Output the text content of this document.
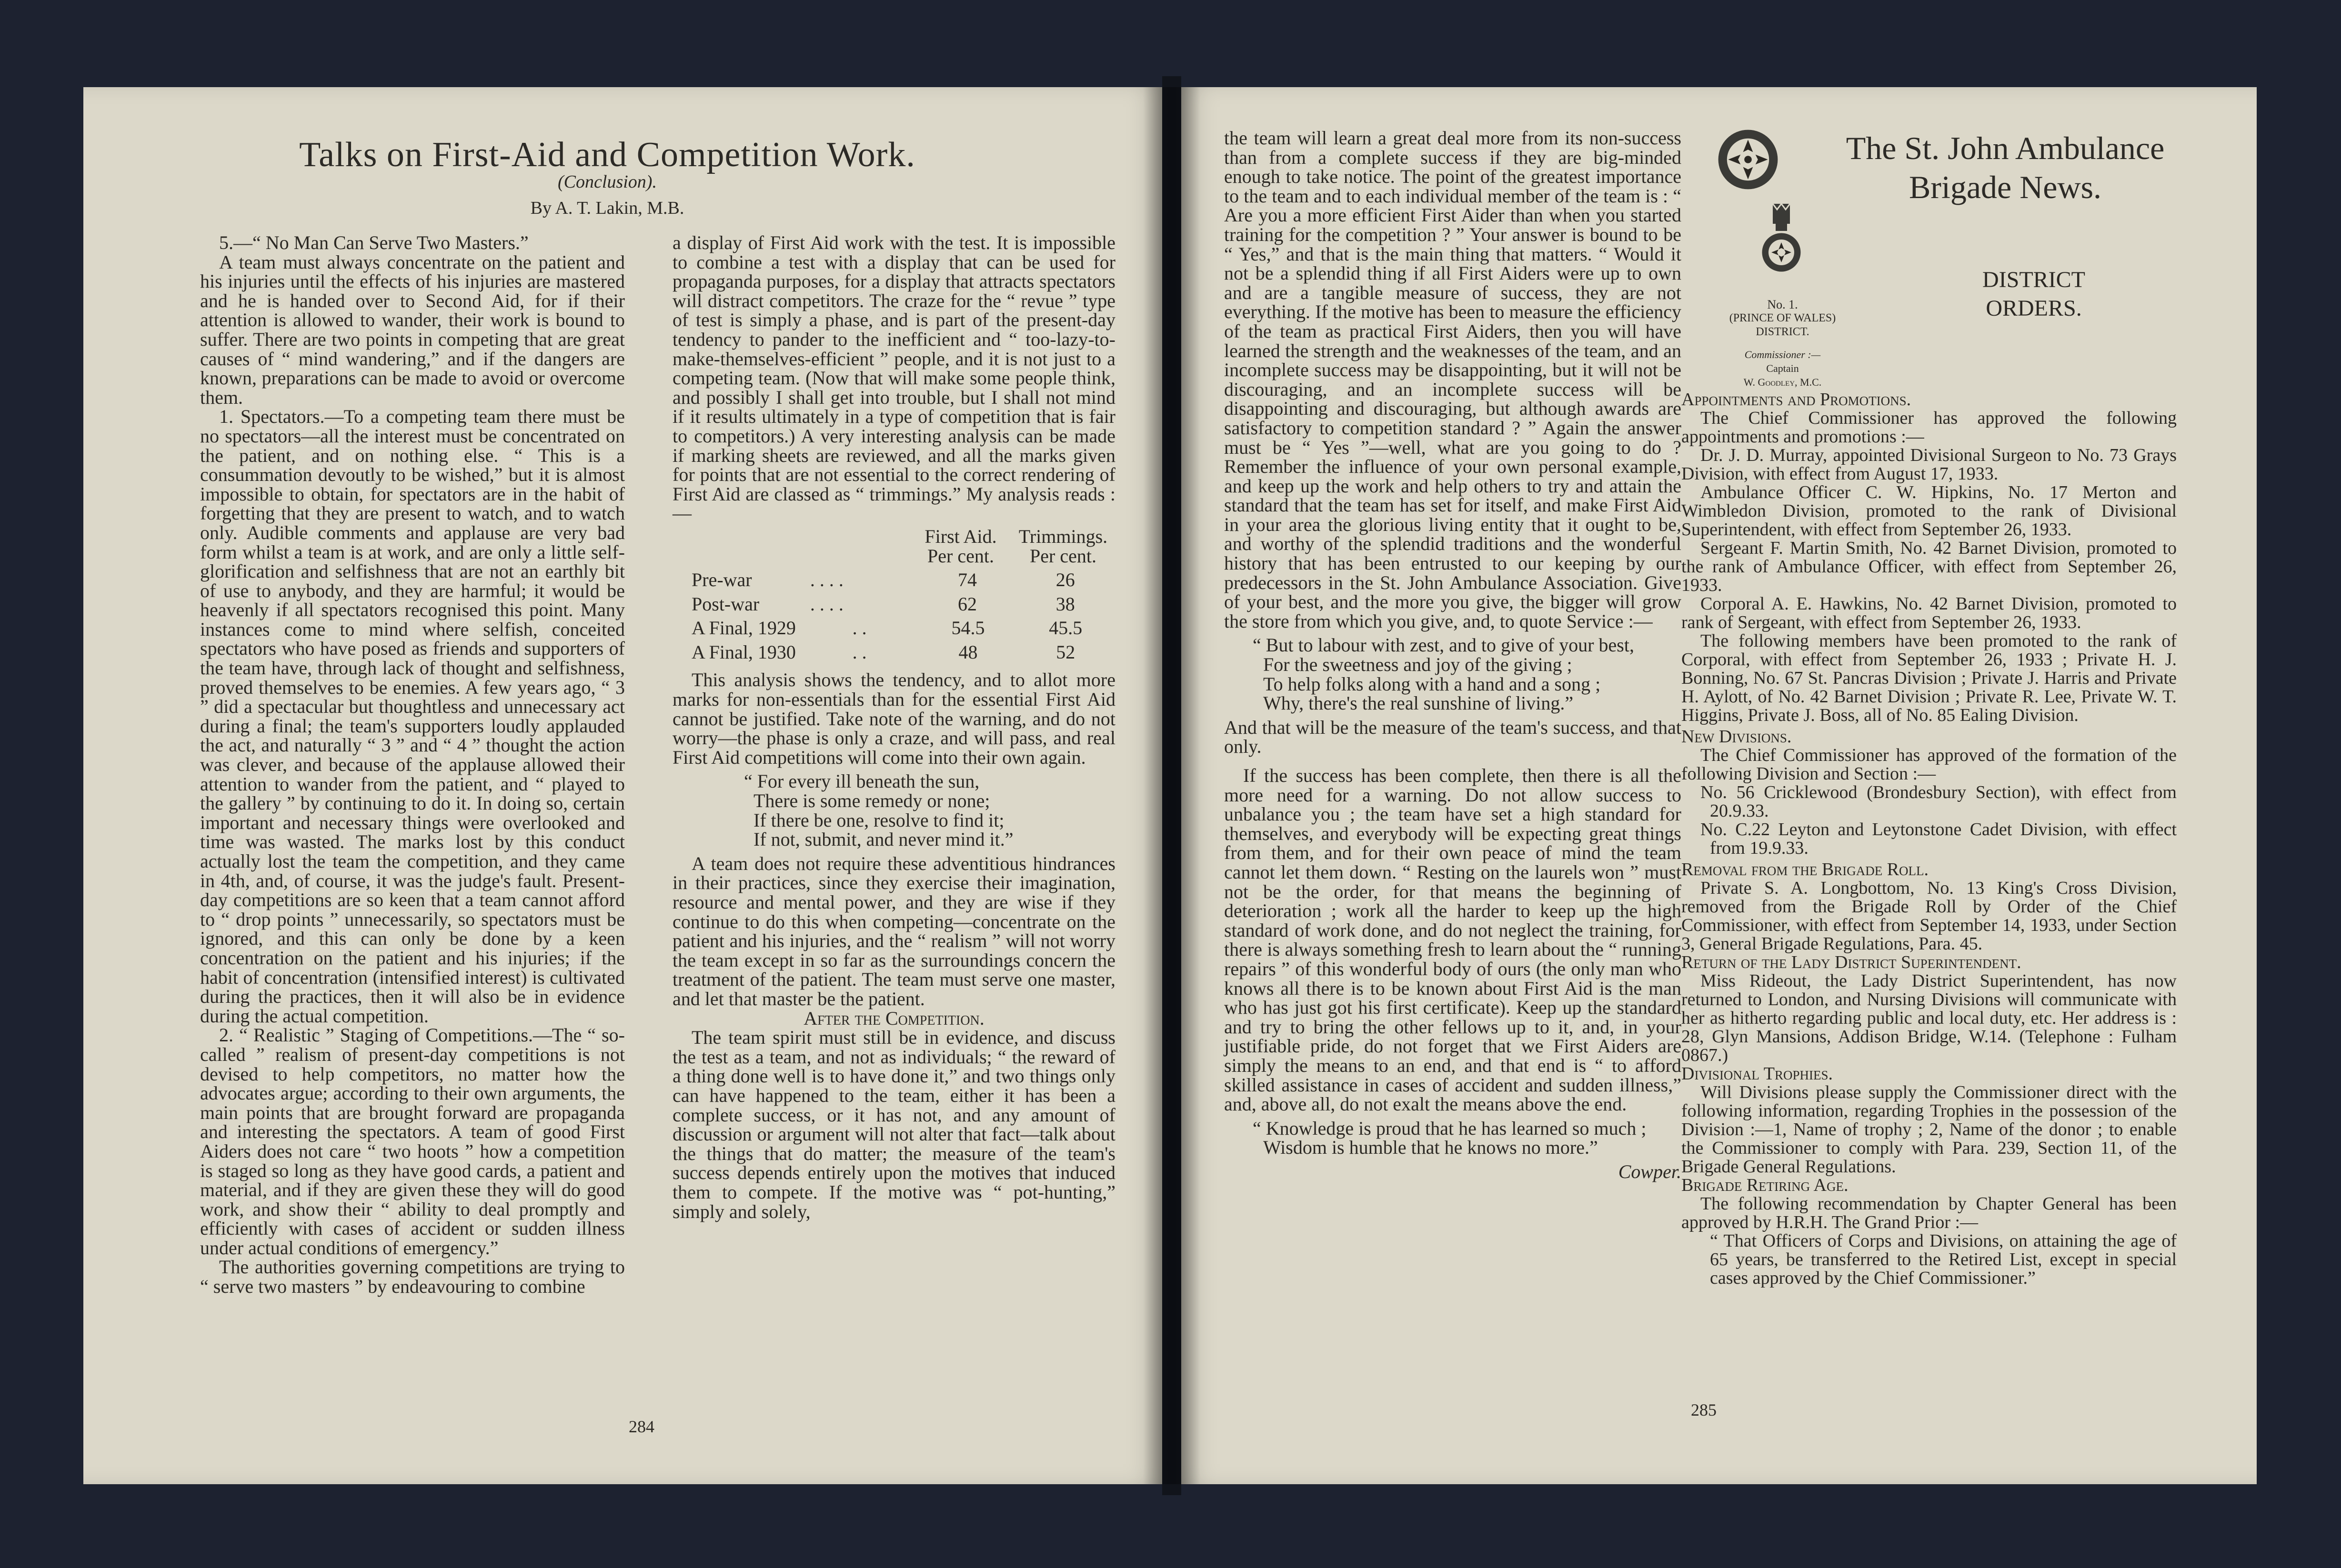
Talks on First-Aid and Competition Work.
(Conclusion).
By A. T. Lakin, M.B.

5.—“ No Man Can Serve Two Masters.”

A team must always concentrate on the patient and his injuries until the effects of his injuries are mastered and he is handed over to Second Aid, for if their attention is allowed to wander, their work is bound to suffer. There are two points in competing that are great causes of “ mind wandering,” and if the dangers are known, preparations can be made to avoid or overcome them.

1. Spectators.—To a competing team there must be no spectators—all the interest must be concentrated on the patient, and on nothing else. “ This is a consummation devoutly to be wished,” but it is almost impossible to obtain, for spectators are in the habit of forgetting that they are present to watch, and to watch only. Audible comments and applause are very bad form whilst a team is at work, and are only a little self-glorification and selfishness that are not an earthly bit of use to anybody, and they are harmful; it would be heavenly if all spectators recognised this point. Many instances come to mind where selfish, conceited spectators who have posed as friends and supporters of the team have, through lack of thought and selfishness, proved themselves to be enemies. A few years ago, “ 3 ” did a spectacular but thoughtless and unnecessary act during a final; the team's supporters loudly applauded the act, and naturally “ 3 ” and “ 4 ” thought the action was clever, and because of the applause allowed their attention to wander from the patient, and “ played to the gallery ” by continuing to do it. In doing so, certain important and necessary things were overlooked and time was wasted. The marks lost by this conduct actually lost the team the competition, and they came in 4th, and, of course, it was the judge's fault. Present-day competitions are so keen that a team cannot afford to “ drop points ” unnecessarily, so spectators must be ignored, and this can only be done by a keen concentration on the patient and his injuries; if the habit of concentration (intensified interest) is cultivated during the practices, then it will also be in evidence during the actual competition.

2. “ Realistic ” Staging of Competitions.—The “ so-called ” realism of present-day competitions is not devised to help competitors, no matter how the advocates argue; according to their own arguments, the main points that are brought forward are propaganda and interesting the spectators. A team of good First Aiders does not care “ two hoots ” how a competition is staged so long as they have good cards, a patient and material, and if they are given these they will do good work, and show their “ ability to deal promptly and efficiently with cases of accident or sudden illness under actual conditions of emergency.”

The authorities governing competitions are trying to “ serve two masters ” by endeavouring to combine

a display of First Aid work with the test. It is impossible to combine a test with a display that can be used for propaganda purposes, for a display that attracts spectators will distract competitors. The craze for the “ revue ” type of test is simply a phase, and is part of the present-day tendency to pander to the inefficient and “ too-lazy-to-make-themselves-efficient ” people, and it is not just to a competing team. (Now that will make some people think, and possibly I shall get into trouble, but I shall not mind if it results ultimately in a type of competition that is fair to competitors.) A very interesting analysis can be made if marking sheets are reviewed, and all the marks given for points that are not essential to the correct rendering of First Aid are classed as “ trimmings.” My analysis reads :—

First Aid.
Per cent.
Trimmings.
Per cent.
Pre-war	. . . .	74	26
Post-war	. . . .	62	38
A Final, 1929	. .	54.5	45.5
A Final, 1930	. .	48	52

This analysis shows the tendency, and to allot more marks for non-essentials than for the essential First Aid cannot be justified. Take note of the warning, and do not worry—the phase is only a craze, and will pass, and real First Aid competitions will come into their own again.

“ For every ill beneath the sun,
There is some remedy or none;
If there be one, resolve to find it;
If not, submit, and never mind it.”

A team does not require these adventitious hindrances in their practices, since they exercise their imagination, resource and mental power, and they are wise if they continue to do this when competing—concentrate on the patient and his injuries, and the “ realism ” will not worry the team except in so far as the surroundings concern the treatment of the patient. The team must serve one master, and let that master be the patient.

After the Competition.

The team spirit must still be in evidence, and discuss the test as a team, and not as individuals; “ the reward of a thing done well is to have done it,” and two things only can have happened to the team, either it has been a complete success, or it has not, and any amount of discussion or argument will not alter that fact—talk about the things that do matter; the measure of the team's success depends entirely upon the motives that induced them to compete. If the motive was “ pot-hunting,” simply and solely,

284

the team will learn a great deal more from its non-success than from a complete success if they are big-minded enough to take notice. The point of the greatest importance to the team and to each individual member of the team is : “ Are you a more efficient First Aider than when you started training for the competition ? ” Your answer is bound to be “ Yes,” and that is the main thing that matters. “ Would it not be a splendid thing if all First Aiders were up to own and are a tangible measure of success, they are not everything. If the motive has been to measure the efficiency of the team as practical First Aiders, then you will have learned the strength and the weaknesses of the team, and an incomplete success may be disappointing, but it will not be discouraging, and an incomplete success will be disappointing and discouraging, but although awards are satisfactory to competition standard ? ” Again the answer must be “ Yes ”—well, what are you going to do ? Remember the influence of your own personal example, and keep up the work and help others to try and attain the standard that the team has set for itself, and make First Aid in your area the glorious living entity that it ought to be, and worthy of the splendid traditions and the wonderful history that has been entrusted to our keeping by our predecessors in the St. John Ambulance Association. Give of your best, and the more you give, the bigger will grow the store from which you give, and, to quote Service :—

“ But to labour with zest, and to give of your best,
For the sweetness and joy of the giving ;
To help folks along with a hand and a song ;
Why, there's the real sunshine of living.”

And that will be the measure of the team's success, and that only.

If the success has been complete, then there is all the more need for a warning. Do not allow success to unbalance you ; the team have set a high standard for themselves, and everybody will be expecting great things from them, and for their own peace of mind the team cannot let them down. “ Resting on the laurels won ” must not be the order, for that means the beginning of deterioration ; work all the harder to keep up the high standard of work done, and do not neglect the training, for there is always something fresh to learn about the “ running repairs ” of this wonderful body of ours (the only man who knows all there is to be known about First Aid is the man who has just got his first certificate). Keep up the standard and try to bring the other fellows up to it, and, in your justifiable pride, do not forget that we First Aiders are simply the means to an end, and that end is “ to afford skilled assistance in cases of accident and sudden illness,” and, above all, do not exalt the means above the end.

“ Knowledge is proud that he has learned so much ;
Wisdom is humble that he knows no more.”
Cowper.
285
The St. John Ambulance
Brigade News.
No. 1.
(PRINCE OF WALES)
DISTRICT.
Commissioner :—
Captain
W. Goodley, M.C.
DISTRICT
ORDERS.

Appointments and Promotions.

The Chief Commissioner has approved the following appointments and promotions :—

Dr. J. D. Murray, appointed Divisional Surgeon to No. 73 Grays Division, with effect from August 17, 1933.

Ambulance Officer C. W. Hipkins, No. 17 Merton and Wimbledon Division, promoted to the rank of Divisional Superintendent, with effect from September 26, 1933.

Sergeant F. Martin Smith, No. 42 Barnet Division, promoted to the rank of Ambulance Officer, with effect from September 26, 1933.

Corporal A. E. Hawkins, No. 42 Barnet Division, promoted to rank of Sergeant, with effect from September 26, 1933.

The following members have been promoted to the rank of Corporal, with effect from September 26, 1933 ; Private H. J. Bonning, No. 67 St. Pancras Division ; Private J. Harris and Private H. Aylott, of No. 42 Barnet Division ; Private R. Lee, Private W. T. Higgins, Private J. Boss, all of No. 85 Ealing Division.

New Divisions.

The Chief Commissioner has approved of the formation of the following Division and Section :—

No. 56 Cricklewood (Brondesbury Section), with effect from 20.9.33.

No. C.22 Leyton and Leytonstone Cadet Division, with effect from 19.9.33.

Removal from the Brigade Roll.

Private S. A. Longbottom, No. 13 King's Cross Division, removed from the Brigade Roll by Order of the Chief Commissioner, with effect from September 14, 1933, under Section 3, General Brigade Regulations, Para. 45.

Return of the Lady District Superintendent.

Miss Rideout, the Lady District Superintendent, has now returned to London, and Nursing Divisions will communicate with her as hitherto regarding public and local duty, etc. Her address is : 28, Glyn Mansions, Addison Bridge, W.14. (Telephone : Fulham 0867.)

Divisional Trophies.

Will Divisions please supply the Commissioner direct with the following information, regarding Trophies in the possession of the Division :—1, Name of trophy ; 2, Name of the donor ; to enable the Commissioner to comply with Para. 239, Section 11, of the Brigade General Regulations.

Brigade Retiring Age.

The following recommendation by Chapter General has been approved by H.R.H. The Grand Prior :—

“ That Officers of Corps and Divisions, on attaining the age of 65 years, be transferred to the Retired List, except in special cases approved by the Chief Commissioner.”
